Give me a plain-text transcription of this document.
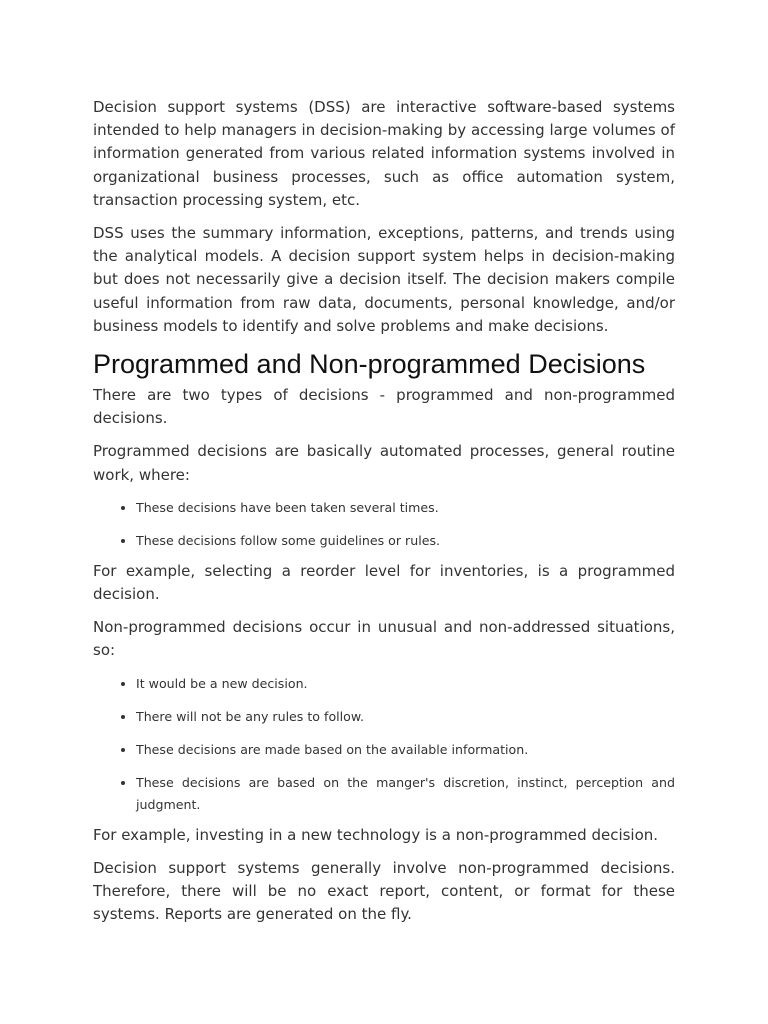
Decision support systems (DSS) are interactive software-based systems intended to help managers in decision-making by accessing large volumes of information generated from various related information systems involved in organizational business processes, such as office automation system, transaction processing system, etc.

DSS uses the summary information, exceptions, patterns, and trends using the analytical models. A decision support system helps in decision-making but does not necessarily give a decision itself. The decision makers compile useful information from raw data, documents, personal knowledge, and/or business models to identify and solve problems and make decisions.

Programmed and Non-programmed Decisions

There are two types of decisions - programmed and non-programmed decisions.

Programmed decisions are basically automated processes, general routine work, where:

• These decisions have been taken several times.
• These decisions follow some guidelines or rules.

For example, selecting a reorder level for inventories, is a programmed decision.

Non-programmed decisions occur in unusual and non-addressed situations, so:

• It would be a new decision.
• There will not be any rules to follow.
• These decisions are made based on the available information.
• These decisions are based on the manger's discretion, instinct, perception and judgment.

For example, investing in a new technology is a non-programmed decision.

Decision support systems generally involve non-programmed decisions. Therefore, there will be no exact report, content, or format for these systems. Reports are generated on the fly.
